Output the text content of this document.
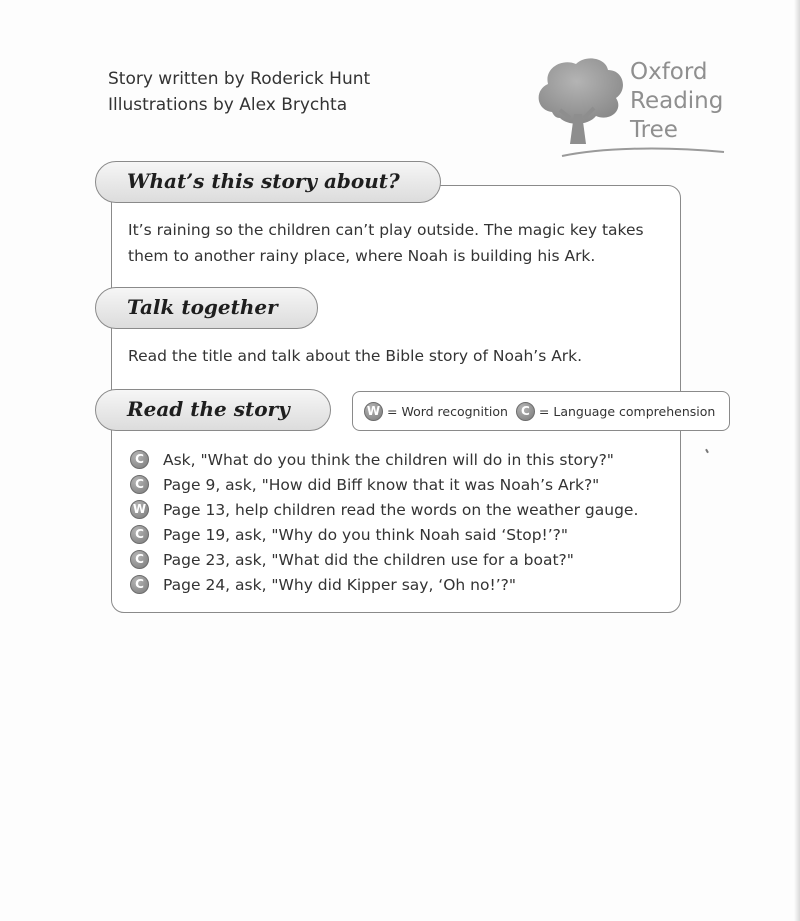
Story written by Roderick Hunt
Illustrations by Alex Brychta
Oxford
Reading
Tree
What’s this story about?
It’s raining so the children can’t play outside. The magic key takes them to another rainy place, where Noah is building his Ark.
Talk together
Read the title and talk about the Bible story of Noah’s Ark.
Read the story	W = Word recognition	C = Language comprehension
C	Ask, "What do you think the children will do in this story?"
C	Page 9, ask, "How did Biff know that it was Noah’s Ark?"
W Page 13, help children read the words on the weather gauge.
C	Page 19, ask, "Why do you think Noah said ‘Stop!’?"
C	Page 23, ask, "What did the children use for a boat?"
C	Page 24, ask, "Why did Kipper say, ‘Oh no!’?"
